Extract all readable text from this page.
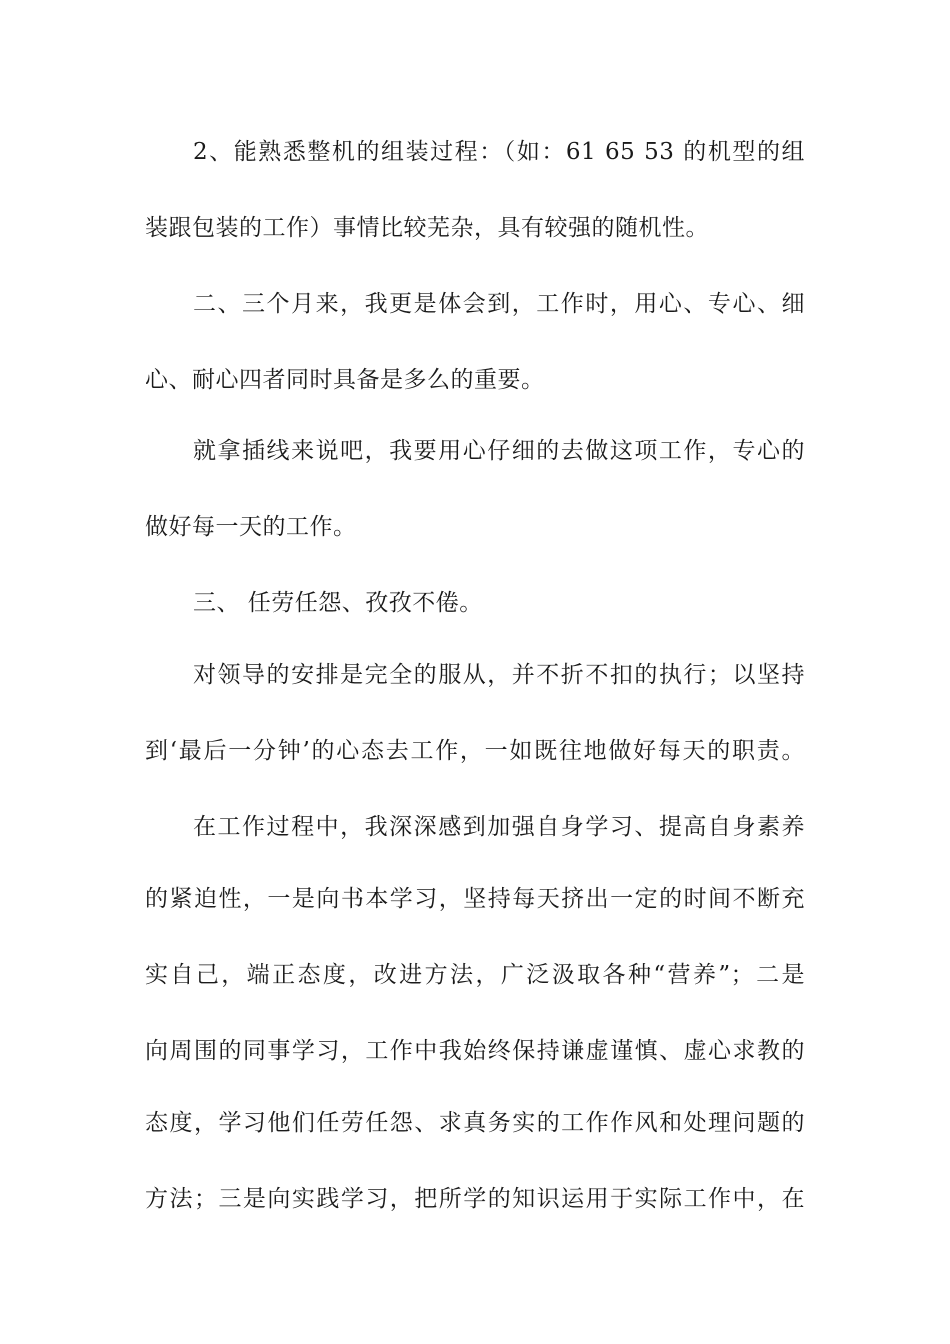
2、能熟悉整机的组装过程：（如：61 65 53 的机型的组

装跟包装的工作）事情比较芜杂，具有较强的随机性。

二、三个月来，我更是体会到，工作时，用心、专心、细

心、耐心四者同时具备是多么的重要。

就拿插线来说吧，我要用心仔细的去做这项工作，专心的

做好每一天的工作。

三、 任劳任怨、孜孜不倦。

对领导的安排是完全的服从，并不折不扣的执行；以坚持

到‘最后一分钟’的心态去工作，一如既往地做好每天的职责。

在工作过程中，我深深感到加强自身学习、提高自身素养

的紧迫性，一是向书本学习，坚持每天挤出一定的时间不断充

实自己，端正态度，改进方法，广泛汲取各种“营养”；二是

向周围的同事学习，工作中我始终保持谦虚谨慎、虚心求教的

态度，学习他们任劳任怨、求真务实的工作作风和处理问题的

方法；三是向实践学习，把所学的知识运用于实际工作中，在
